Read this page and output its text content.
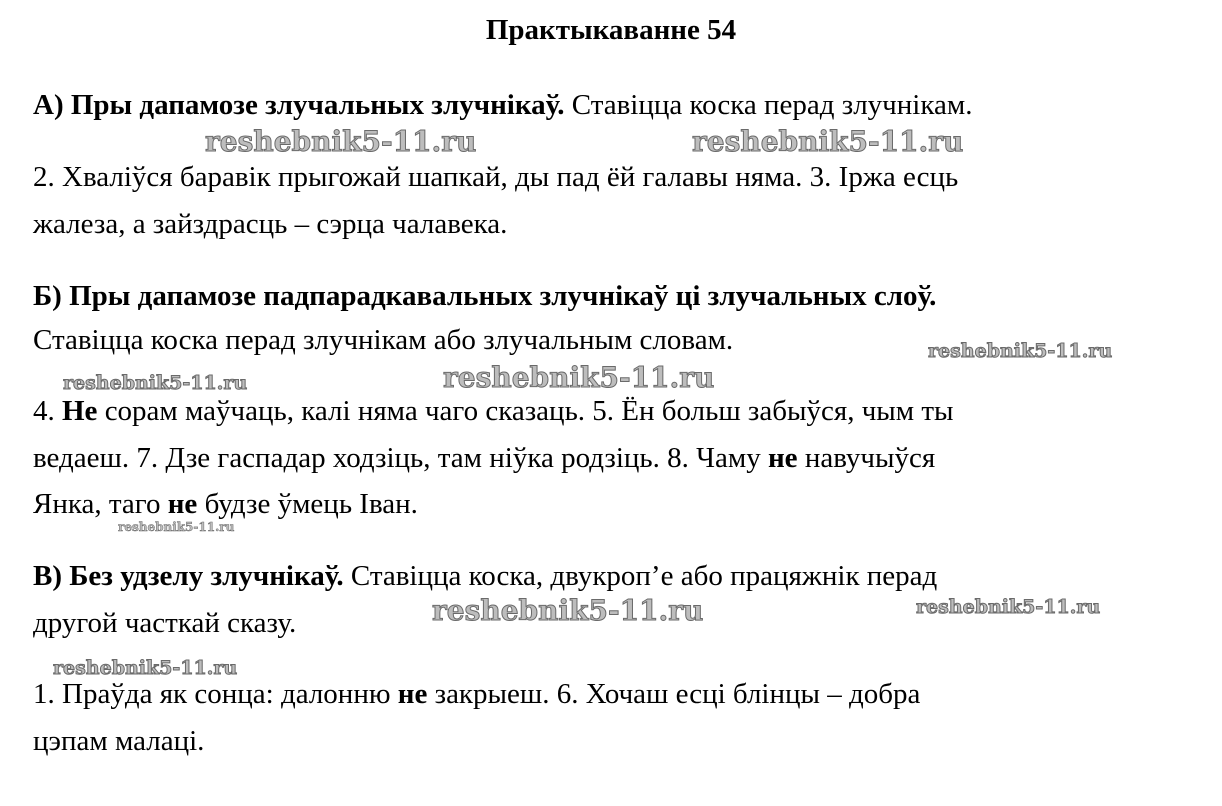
Практыкаванне 54
А) Пры дапамозе злучальных злучнікаў. Ставіцца коска перад злучнікам.
2. Хваліўся баравік прыгожай шапкай, ды пад ёй галавы няма. 3. Іржа есць
жалеза, а зайздрасць – сэрца чалавека.
Б) Пры дапамозе падпарадкавальных злучнікаў ці злучальных слоў.
Ставіцца коска перад злучнікам або злучальным словам.
4. Не сорам маўчаць, калі няма чаго сказаць. 5. Ён больш забыўся, чым ты
ведаеш. 7. Дзе гаспадар ходзіць, там ніўка родзіць. 8. Чаму не навучыўся
Янка, таго не будзе ўмець Іван.
В) Без удзелу злучнікаў. Ставіцца коска, двукроп’е або працяжнік перад
другой часткай сказу.
1. Праўда як сонца: далонню не закрыеш. 6. Хочаш есці блінцы – добра
цэпам малаці.
reshebnik5-11.ru	reshebnik5-11.ru
reshebnik5-11.ru
reshebnik5-11.ru	reshebnik5-11.ru
reshebnik5-11.ru
reshebnik5-11.ru	reshebnik5-11.ru
reshebnik5-11.ru
